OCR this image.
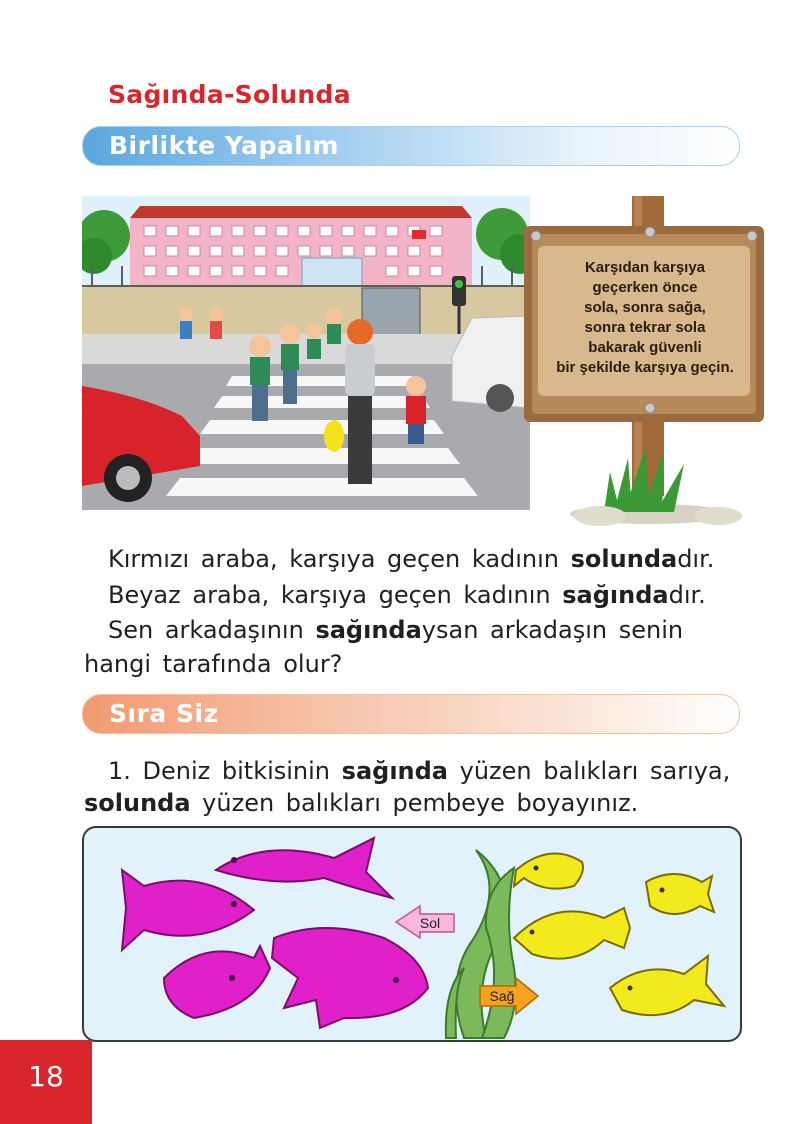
Sağında-Solunda
Birlikte Yapalım
Karşıdan karşıya
geçerken önce
sola, sonra sağa,
sonra tekrar sola
bakarak güvenli
bir şekilde karşıya geçin.
Kırmızı araba, karşıya geçen kadının solundadır.
Beyaz araba, karşıya geçen kadının sağındadır.
Sen arkadaşının sağındaysan arkadaşın senin
hangi tarafında olur?
Sıra Siz
1. Deniz bitkisinin sağında yüzen balıkları sarıya,
solunda yüzen balıkları pembeye boyayınız.
Sol
Sağ
18
